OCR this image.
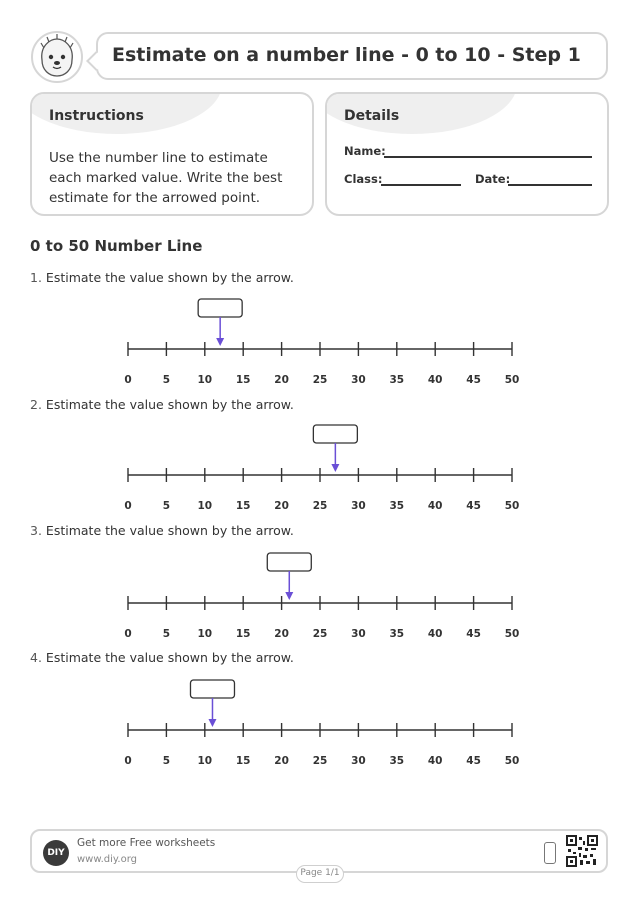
Estimate on a number line - 0 to 10 - Step 1
Instructions
Use the number line to estimate each marked value. Write the best estimate for the arrowed point.
Details
Name:
Class:	Date:
0 to 50 Number Line
1. Estimate the value shown by the arrow.
2. Estimate the value shown by the arrow.
3. Estimate the value shown by the arrow.
4. Estimate the value shown by the arrow.
0	5	10 15 20 25 30 35 40 45 50
0	5	10 15 20 25 30 35 40 45 50
0	5	10 15 20 25 30 35 40 45 50
0	5	10 15 20 25 30 35 40 45 50
DIY
Get more Free worksheets
www.diy.org
Page 1/1
